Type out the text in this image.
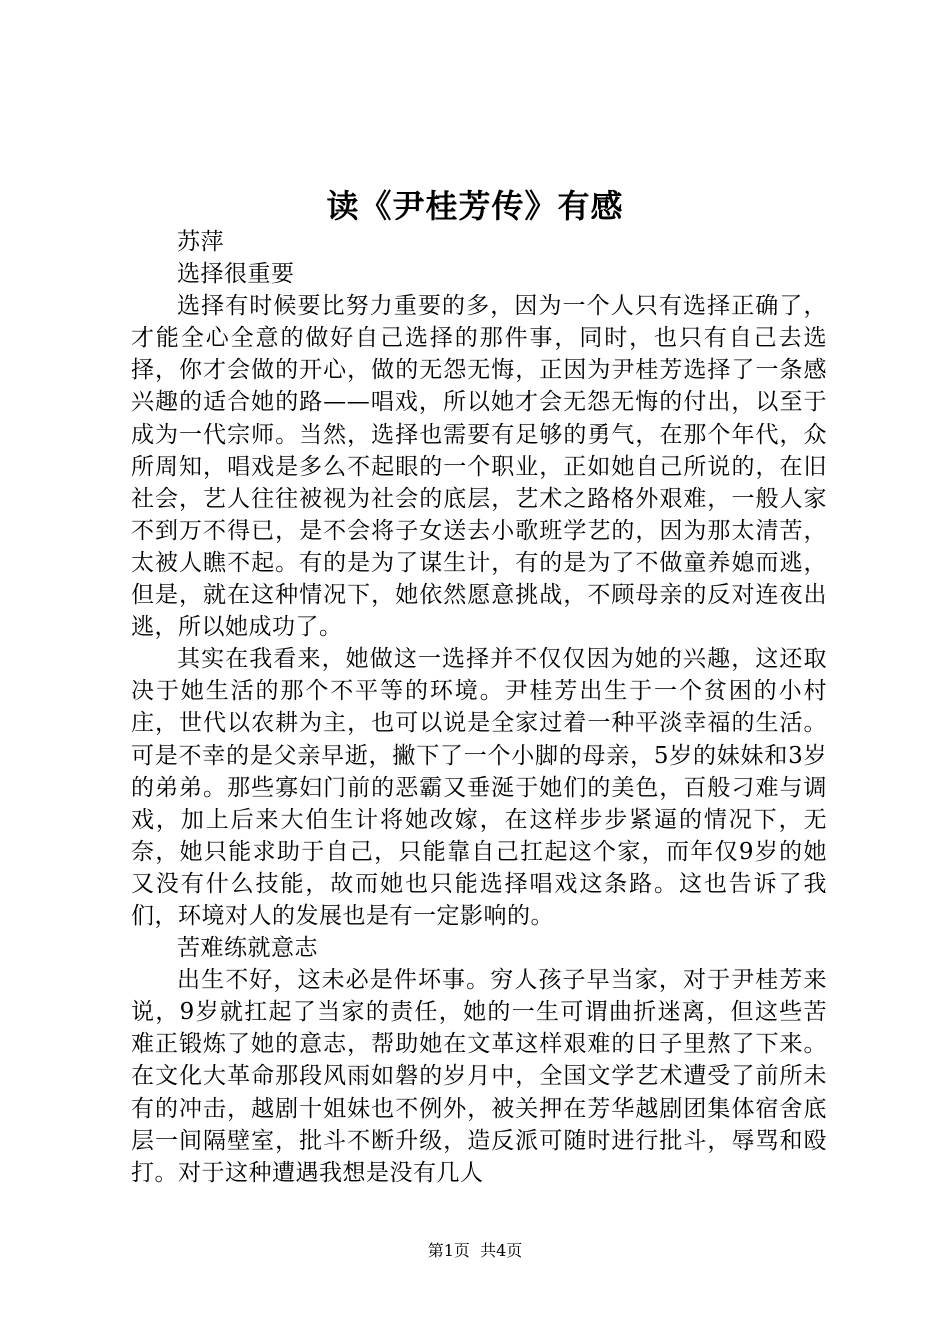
读《尹桂芳传》有感
苏萍
选择很重要

选择有时候要比努力重要的多，因为一个人只有选择正确了，才能全心全意的做好自己选择的那件事，同时，也只有自己去选择，你才会做的开心，做的无怨无悔，正因为尹桂芳选择了一条感兴趣的适合她的路——唱戏，所以她才会无怨无悔的付出，以至于成为一代宗师。当然，选择也需要有足够的勇气，在那个年代，众所周知，唱戏是多么不起眼的一个职业，正如她自己所说的，在旧社会，艺人往往被视为社会的底层，艺术之路格外艰难，一般人家不到万不得已，是不会将子女送去小歌班学艺的，因为那太清苦，太被人瞧不起。有的是为了谋生计，有的是为了不做童养媳而逃，但是，就在这种情况下，她依然愿意挑战，不顾母亲的反对连夜出逃，所以她成功了。

其实在我看来，她做这一选择并不仅仅因为她的兴趣，这还取决于她生活的那个不平等的环境。尹桂芳出生于一个贫困的小村庄，世代以农耕为主，也可以说是全家过着一种平淡幸福的生活。可是不幸的是父亲早逝，撇下了一个小脚的母亲，5岁的妹妹和3岁的弟弟。那些寡妇门前的恶霸又垂涎于她们的美色，百般刁难与调戏，加上后来大伯生计将她改嫁，在这样步步紧逼的情况下，无奈，她只能求助于自己，只能靠自己扛起这个家，而年仅9岁的她又没有什么技能，故而她也只能选择唱戏这条路。这也告诉了我们，环境对人的发展也是有一定影响的。

苦难练就意志

出生不好，这未必是件坏事。穷人孩子早当家，对于尹桂芳来说，9岁就扛起了当家的责任，她的一生可谓曲折迷离，但这些苦难正锻炼了她的意志，帮助她在文革这样艰难的日子里熬了下来。在文化大革命那段风雨如磐的岁月中，全国文学艺术遭受了前所未有的冲击，越剧十姐妹也不例外，被关押在芳华越剧团集体宿舍底层一间隔壁室，批斗不断升级，造反派可随时进行批斗，辱骂和殴打。对于这种遭遇我想是没有几人

第1页  共4页
